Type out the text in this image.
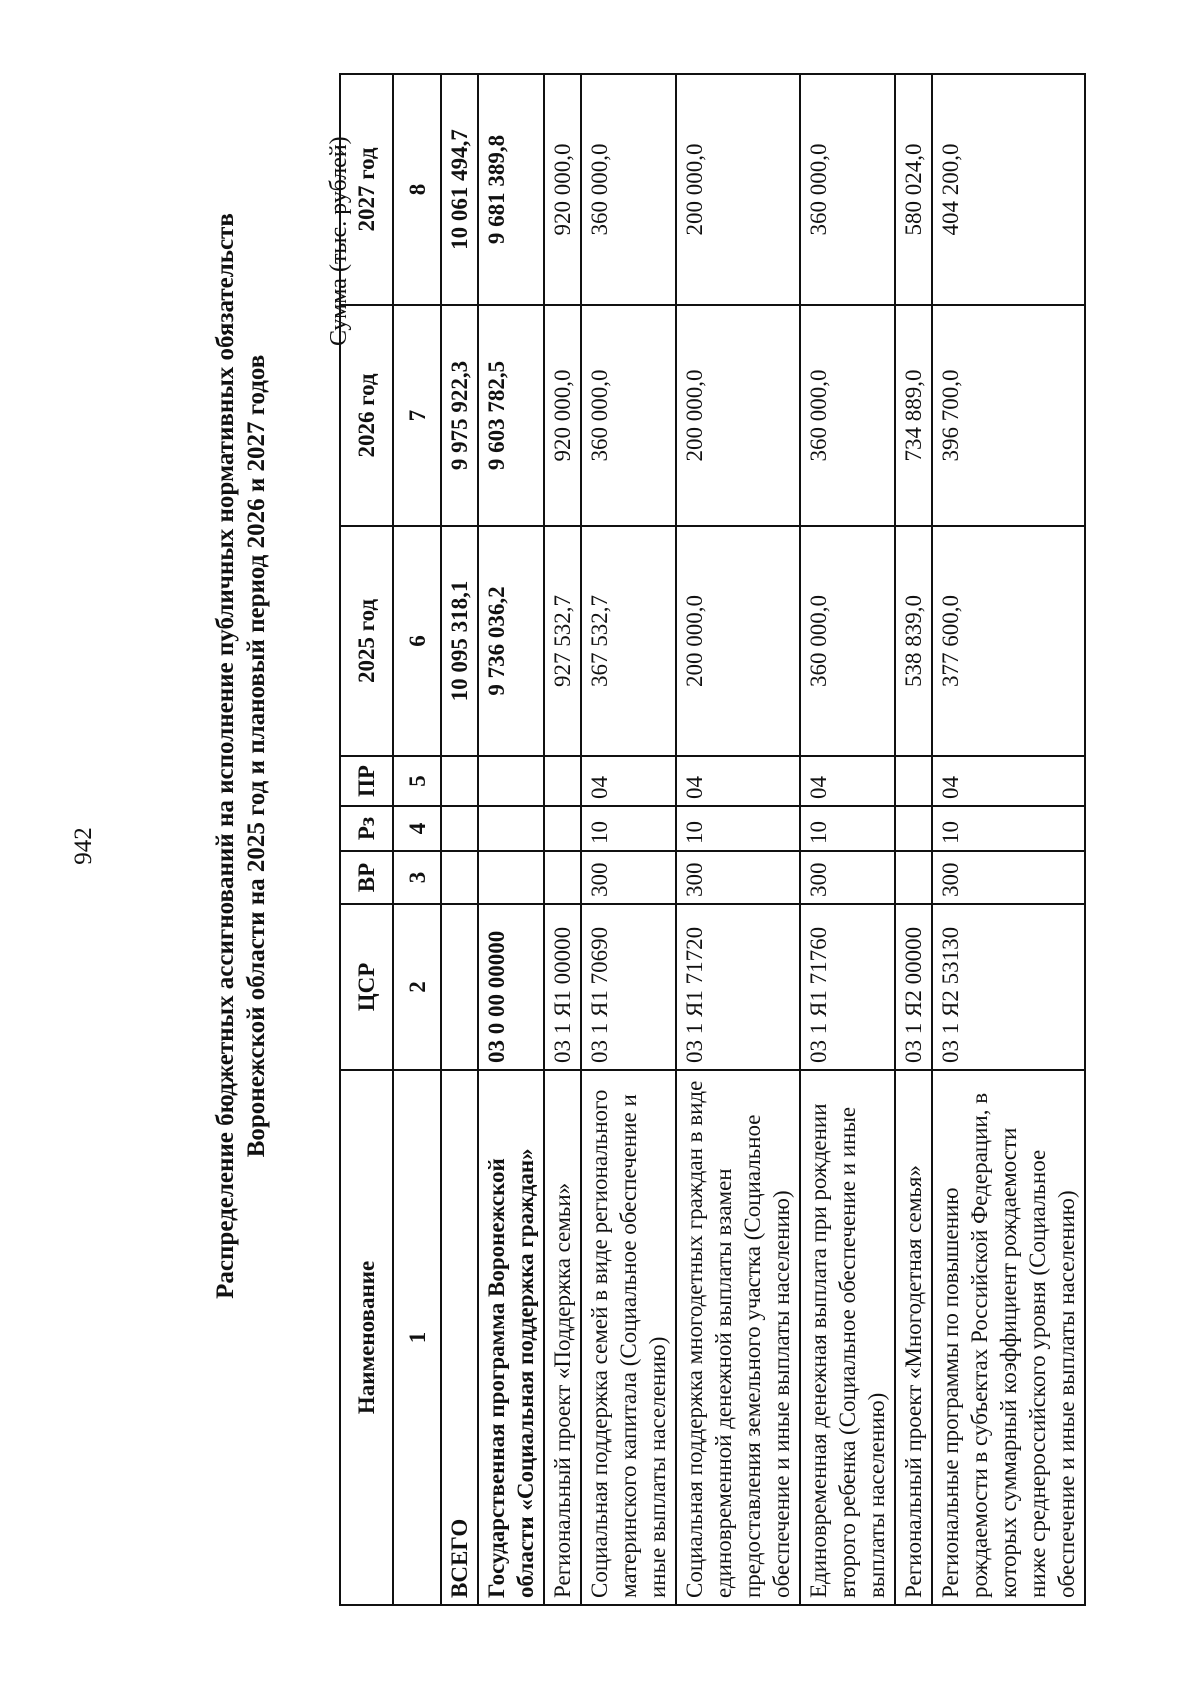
942	Распределение бюджетных ассигнований на исполнение публичных нормативных обязательств Воронежской области на 2025 год и плановый период 2026 и 2027 годов
Сумма (тыс. рублей)
Наименование	ЦСР	ВР	Рз	ПР	2025 год	2026 год	2027 год
1	2	3	4	5	6	7	8
ВСЕГО					10 095 318,1	9 975 922,3	10 061 494,7
Государственная программа Воронежской области «Социальная поддержка граждан»	03 0 00 00000				9 736 036,2	9 603 782,5	9 681 389,8
Региональный проект «Поддержка семьи»	03 1 Я1 00000				927 532,7	920 000,0	920 000,0
Социальная поддержка семей в виде регионального материнского капитала (Социальное обеспечение и иные выплаты населению)	03 1 Я1 70690	300	10	04	367 532,7	360 000,0	360 000,0
Социальная поддержка многодетных граждан в виде единовременной денежной выплаты взамен предоставления земельного участка (Социальное обеспечение и иные выплаты населению)	03 1 Я1 71720	300	10	04	200 000,0	200 000,0	200 000,0
Единовременная денежная выплата при рождении второго ребенка (Социальное обеспечение и иные выплаты населению)	03 1 Я1 71760	300	10	04	360 000,0	360 000,0	360 000,0
Региональный проект «Многодетная семья»	03 1 Я2 00000				538 839,0	734 889,0	580 024,0
Региональные программы по повышению рождаемости в субъектах Российской Федерации, в которых суммарный коэффициент рождаемости ниже среднероссийского уровня (Социальное обеспечение и иные выплаты населению)	03 1 Я2 53130	300	10	04	377 600,0	396 700,0	404 200,0
